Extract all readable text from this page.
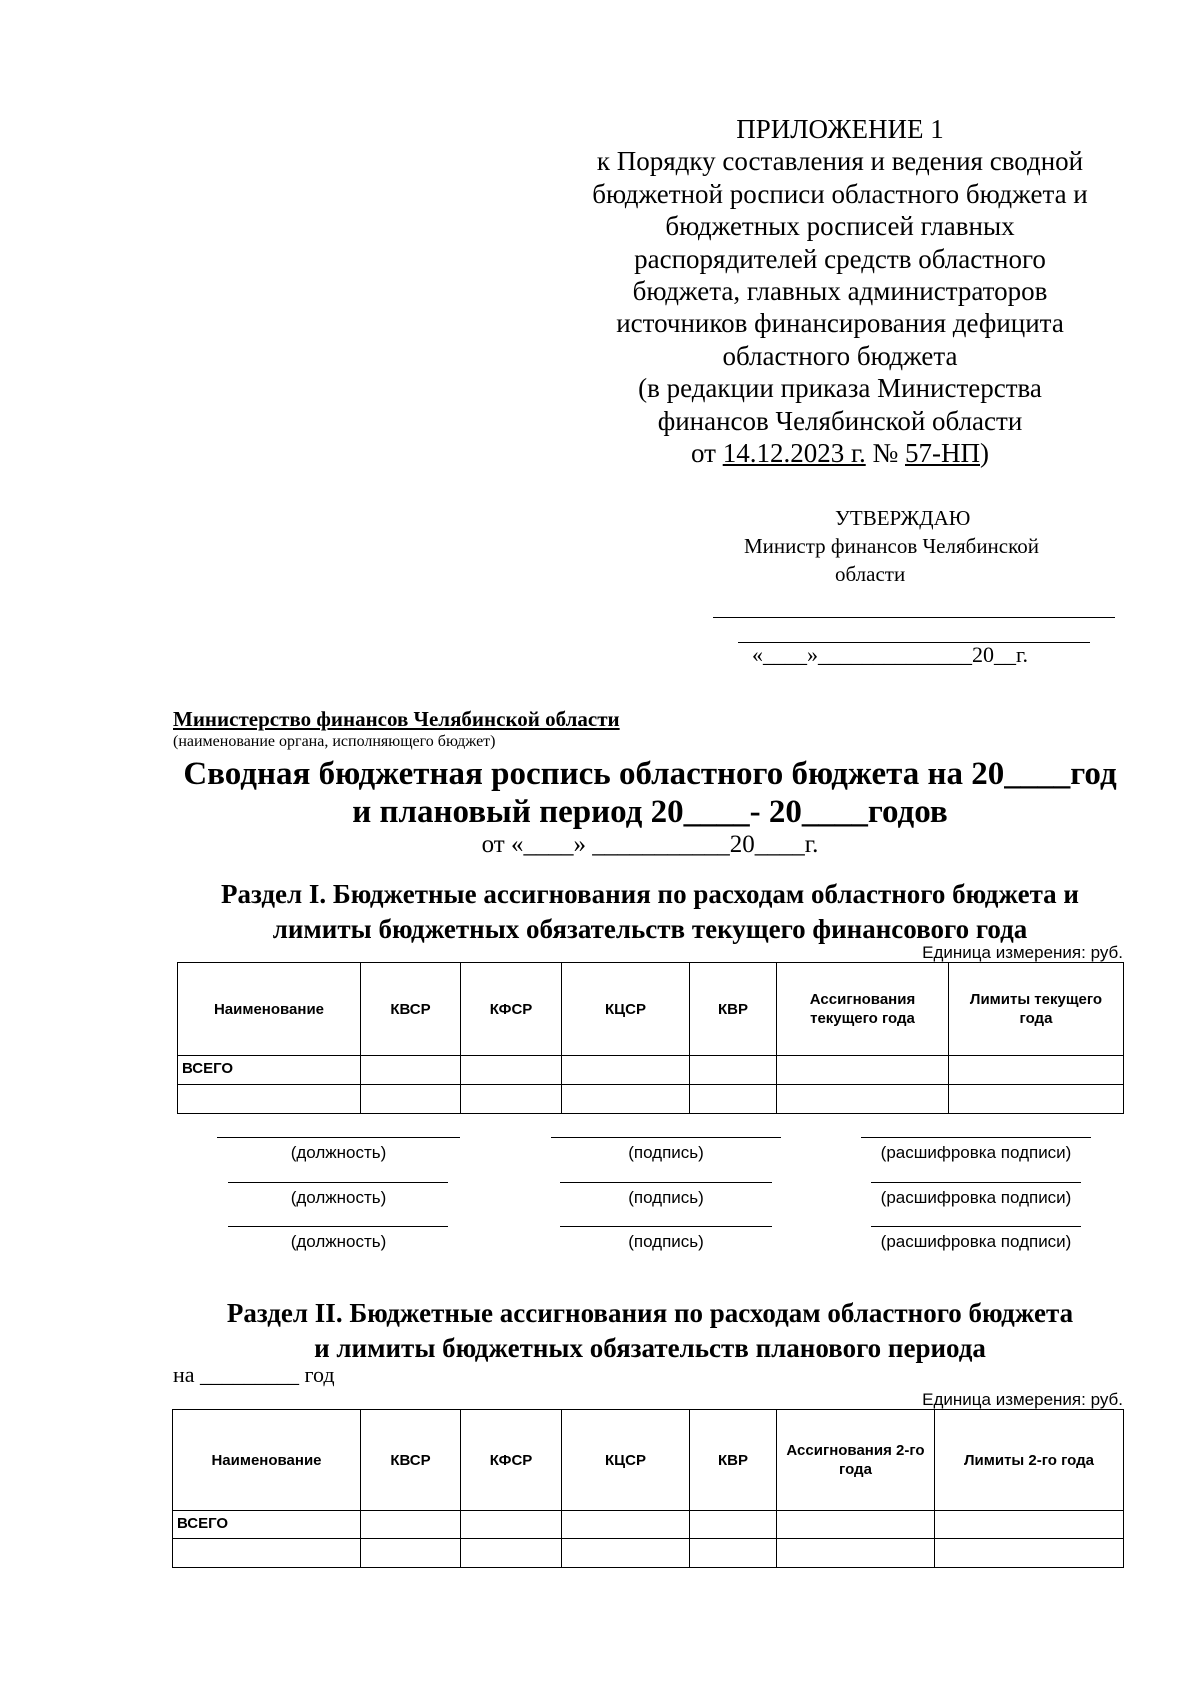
ПРИЛОЖЕНИЕ 1
к Порядку составления и ведения сводной
бюджетной росписи областного бюджета и
бюджетных росписей главных
распорядителей средств областного
бюджета, главных администраторов
источников финансирования дефицита
областного бюджета
(в редакции приказа Министерства
финансов Челябинской области
от 14.12.2023 г. № 57-НП)
УТВЕРЖДАЮ
Министр финансов Челябинской
области
«____»______________20__г.
Министерство финансов Челябинской области
(наименование органа, исполняющего бюджет)
Сводная бюджетная роспись областного бюджета на 20____год
и плановый период 20____- 20____годов
от «____» ___________20____г.
Раздел I. Бюджетные ассигнования по расходам областного бюджета и
лимиты бюджетных обязательств текущего финансового года
Единица измерения: руб.
Наименование	КВСР	КФСР	КЦСР	КВР	Ассигнования текущего года	Лимиты текущего года
ВСЕГО						

(должность)	(подпись)	(расшифровка подписи)
(должность)	(подпись)	(расшифровка подписи)
(должность)	(подпись)	(расшифровка подписи)
Раздел II. Бюджетные ассигнования по расходам областного бюджета
и лимиты бюджетных обязательств планового периода
на _________ год
Единица измерения: руб.
Наименование	КВСР	КФСР	КЦСР	КВР	Ассигнования 2-го года	Лимиты 2-го года
ВСЕГО						
